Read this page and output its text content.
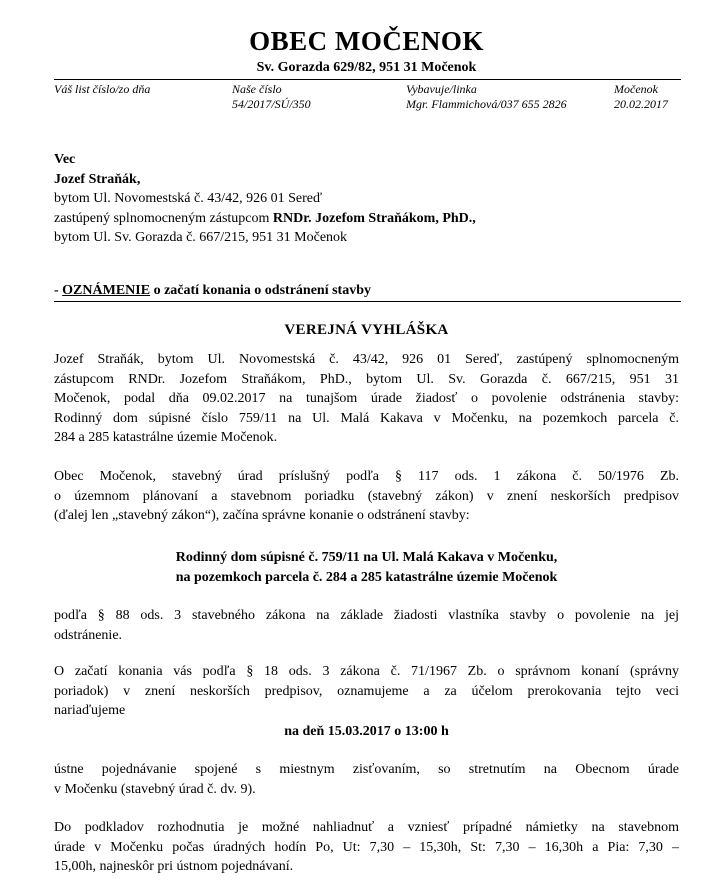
OBEC MOČENOK
Sv. Gorazda 629/82, 951 31 Močenok
Váš list číslo/zo dňa	Naše číslo
54/2017/SÚ/350
Vybavuje/linka
Mgr. Flammichová/037 655 2826
Močenok
20.02.2017
Vec
Jozef Straňák,
bytom Ul. Novomestská č. 43/42, 926 01 Sereď
zastúpený splnomocneným zástupcom RNDr. Jozefom Straňákom, PhD.,
bytom Ul. Sv. Gorazda č. 667/215, 951 31 Močenok
- OZNÁMENIE o začatí konania o odstránení stavby
VEREJNÁ VYHLÁŠKA
Jozef Straňák, bytom Ul. Novomestská č. 43/42, 926 01 Sereď, zastúpený splnomocneným
zástupcom RNDr. Jozefom Straňákom, PhD., bytom Ul. Sv. Gorazda č. 667/215, 951 31
Močenok, podal dňa 09.02.2017 na tunajšom úrade žiadosť o povolenie odstránenia stavby:
Rodinný dom súpisné číslo 759/11 na Ul. Malá Kakava v Močenku, na pozemkoch parcela č.
284 a 285 katastrálne územie Močenok.
Obec Močenok, stavebný úrad príslušný podľa § 117 ods. 1 zákona č. 50/1976 Zb.
o územnom plánovaní a stavebnom poriadku (stavebný zákon) v znení neskorších predpisov
(ďalej len „stavebný zákon“), začína správne konanie o odstránení stavby:
Rodinný dom súpisné č. 759/11 na Ul. Malá Kakava v Močenku,
na pozemkoch parcela č. 284 a 285 katastrálne územie Močenok
podľa § 88 ods. 3 stavebného zákona na základe žiadosti vlastníka stavby o povolenie na jej
odstránenie.
O začatí konania vás podľa § 18 ods. 3 zákona č. 71/1967 Zb. o správnom konaní (správny
poriadok) v znení neskorších predpisov, oznamujeme a za účelom prerokovania tejto veci
nariaďujeme
na deň 15.03.2017 o 13:00 h
ústne pojednávanie spojené s miestnym zisťovaním, so stretnutím na Obecnom úrade
v Močenku (stavebný úrad č. dv. 9).
Do podkladov rozhodnutia je možné nahliadnuť a vzniesť prípadné námietky na stavebnom
úrade v Močenku počas úradných hodín Po, Ut: 7,30 – 15,30h, St: 7,30 – 16,30h a Pia: 7,30 –
15,00h, najneskôr pri ústnom pojednávaní.
